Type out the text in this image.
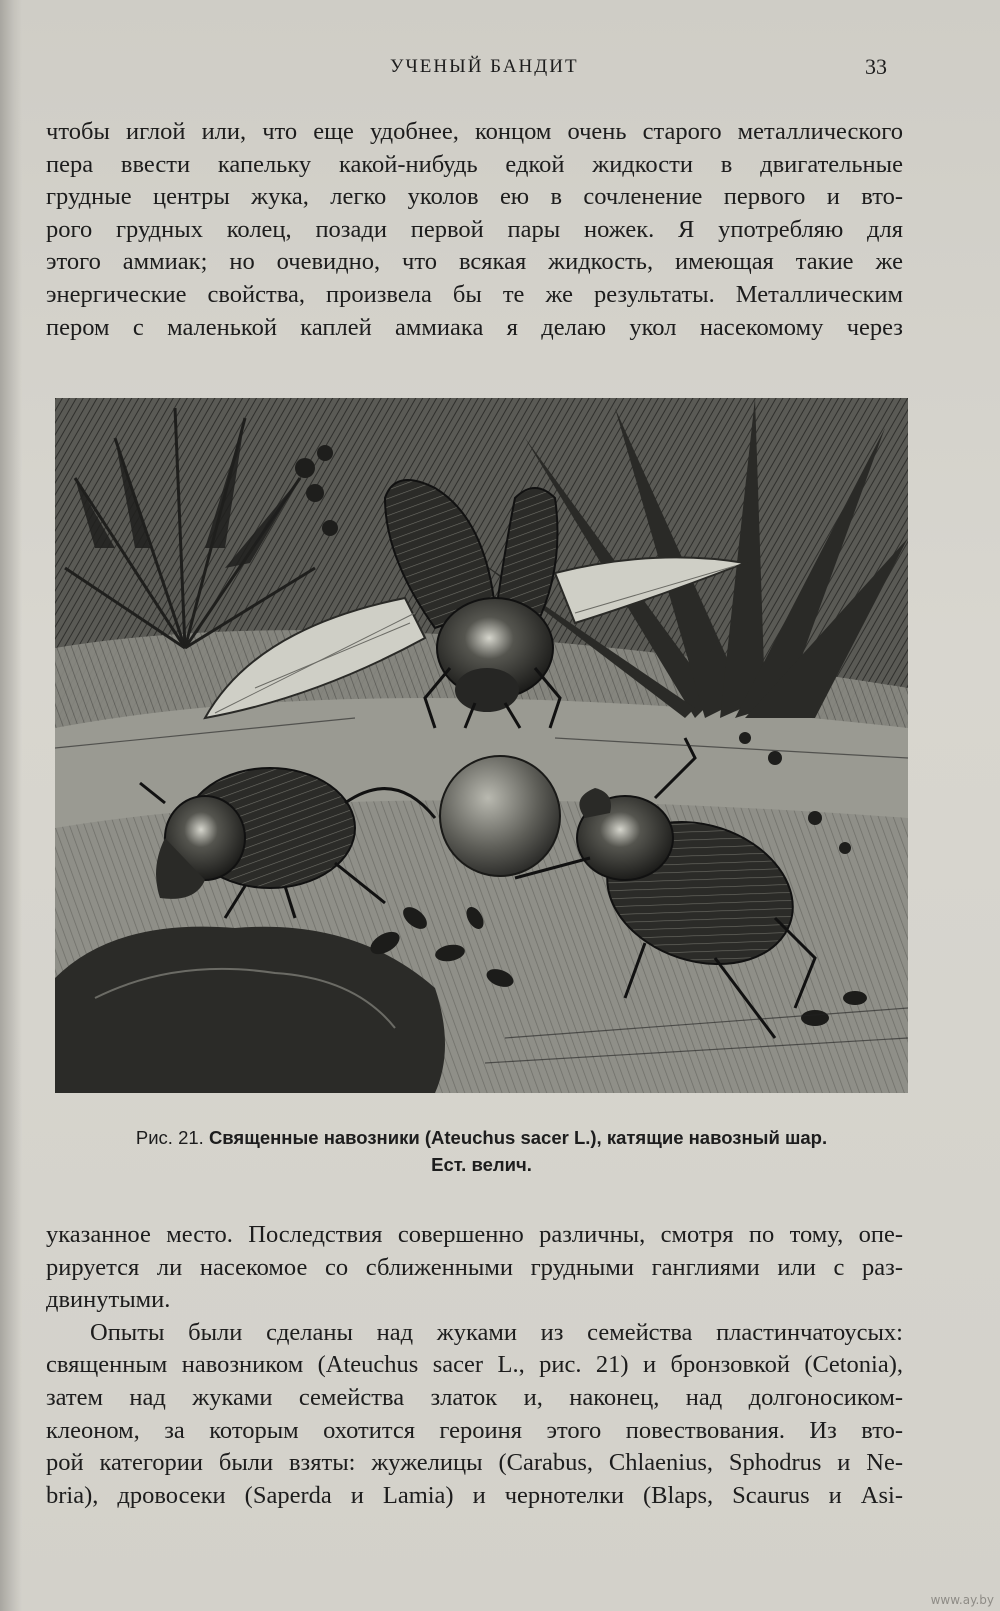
УЧЕНЫЙ БАНДИТ	33
чтобы иглой или, что еще удобнее, концом очень старого металлического
пера ввести капельку какой-нибудь едкой жидкости в двигательные
грудные центры жука, легко уколов ею в сочленение первого и вто-
рого грудных колец, позади первой пары ножек. Я употребляю для
этого аммиак; но очевидно, что всякая жидкость, имеющая такие же
энергические свойства, произвела бы те же результаты. Металлическим
пером с маленькой каплей аммиака я делаю укол насекомому через
Рис. 21. Священные навозники (Ateuchus sacer L.), катящие навозный шар.
Ест. велич.
указанное место. Последствия совершенно различны, смотря по тому, опе-
рируется ли насекомое со сближенными грудными ганглиями или с раз-
двинутыми.
Опыты были сделаны над жуками из семейства пластинчатоусых:
священным навозником (Ateuchus sacer L., рис. 21) и бронзовкой (Cetonia),
затем над жуками семейства златок и, наконец, над долгоносиком-
клеоном, за которым охотится героиня этого повествования. Из вто-
рой категории были взяты: жужелицы (Carabus, Chlaenius, Sphodrus и Ne-
bria), дровосеки (Saperda и Lamia) и чернотелки (Blaps, Scaurus и Asi-
www.ay.by
